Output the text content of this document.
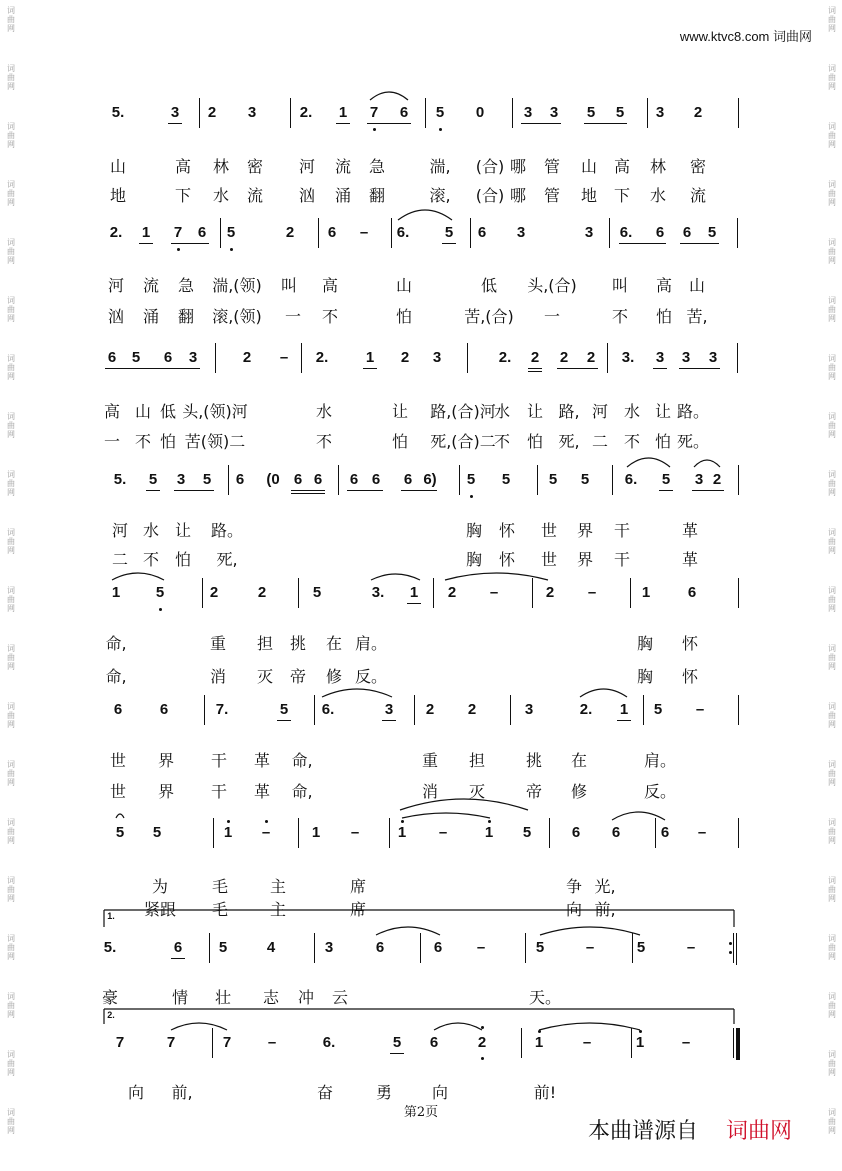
www.ktvc8.com 词曲网
词
曲
网
词
曲
网
词
曲
网
词
曲
网
词
曲
网
词
曲
网
词
曲
网
词
曲
网
词
曲
网
词
曲
网
词
曲
网
词
曲
网
词
曲
网
词
曲
网
词
曲
网
词
曲
网
词
曲
网
词
曲
网
词
曲
网
词
曲
网
词
曲
网
词
曲
网
词
曲
网
词
曲
网
词
曲
网
词
曲
网
词
曲
网
词
曲
网
词
曲
网
词
曲
网
词
曲
网
词
曲
网
词
曲
网
词
曲
网
词
曲
网
词
曲
网
词
曲
网
词
曲
网
词
曲
网
词
曲
网
5.	3 2 3	2. 1 7 6 5 0	3 3 5 5 3 2
山	高 林 密 河 流 急	湍, (合) 哪 管 山 高 林 密
地	下 水 流 汹 涌 翻	滚, (合) 哪 管 地 下 水 流
2. 1 7 6 5	2 6 – 6. 5 6 3	3 6. 6 6 5
河 流 急 湍,(领) 叫 高	山	低 头,(合) 叫 高 山
汹 涌 翻 滚,(领) 一 不	怕	苦,(合) 一	不 怕 苦,
6 5 6 3	2 – 2.	1 2 3	2. 2 2 2 3. 3 3 3
高 山 低 头,(领)河	水	让 路,(合)河
水 让 路, 河 水 让 路。
一 不 怕 苦(领)二	不	怕 死,(合)二
不 怕 死, 二 不 怕 死。
5. 5 3 5 6 (0 6 6 6 6 6 6) 5 5	5 5 6. 5 3 2
河 水 让 路。	胸 怀 世 界 干	革
二 不 怕 死,	胸 怀 世 界 干	革
1 5	2	2	5	3. 1 2 –	2 –	1	6
命,	重 担 挑 在 肩。	胸 怀
命,	消 灭 帝 修 反。	胸 怀
6	6	7.	5 6.	3 2 2	3	2. 1 5 –
世 界 干 革 命,	重 担	挑 在	肩。
世 界 干 革 命,	消 灭	帝 修	反。
5 5	1 –	1 –	1 –	1 5	6 6	6 –
为	毛	主	席	争 光,
紧跟 毛	主	席	向 前,
5.	6 5	4	3	6	6 –	5	–	5	–
豪	情 壮 志 冲 云	天。
7	7	7 –	6.	5 6	2	1	–	1	–
向 前,	奋	勇 向	前!
1.
2.
第2页
本曲谱源自 词曲网
